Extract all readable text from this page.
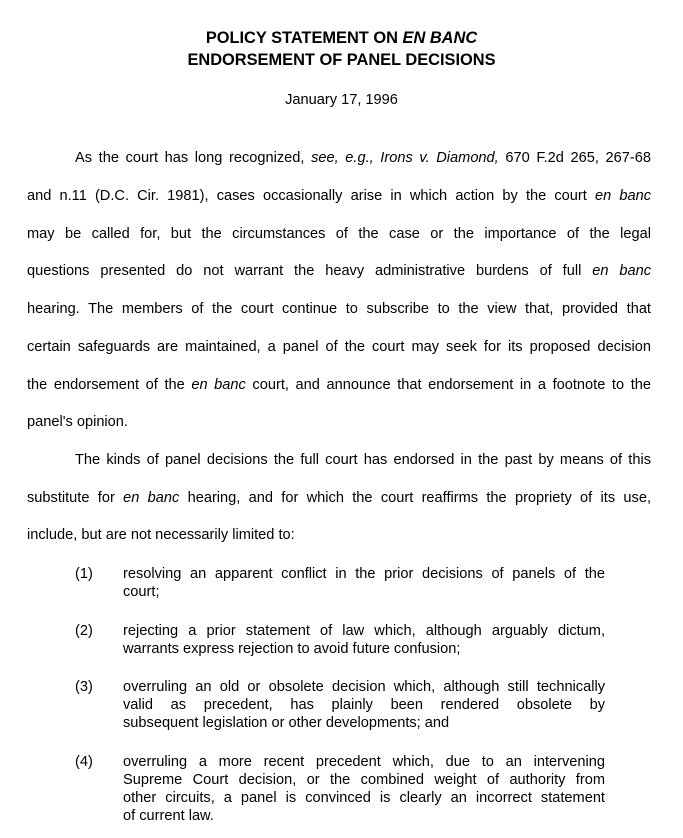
POLICY STATEMENT ON EN BANC
ENDORSEMENT OF PANEL DECISIONS
January 17, 1996
As the court has long recognized, see, e.g., Irons v. Diamond, 670 F.2d 265, 267-68
and n.11 (D.C. Cir. 1981), cases occasionally arise in which action by the court en banc
may be called for, but the circumstances of the case or the importance of the legal
questions presented do not warrant the heavy administrative burdens of full en banc
hearing. The members of the court continue to subscribe to the view that, provided that
certain safeguards are maintained, a panel of the court may seek for its proposed decision
the endorsement of the en banc court, and announce that endorsement in a footnote to the
panel's opinion.
The kinds of panel decisions the full court has endorsed in the past by means of this
substitute for en banc hearing, and for which the court reaffirms the propriety of its use,
include, but are not necessarily limited to:
(1)	resolving an apparent conflict in the prior decisions of panels of the
court;
(2)	rejecting a prior statement of law which, although arguably dictum,
warrants express rejection to avoid future confusion;
(3)	overruling an old or obsolete decision which, although still technically
valid as precedent, has plainly been rendered obsolete by
subsequent legislation or other developments; and
(4)	overruling a more recent precedent which, due to an intervening
Supreme Court decision, or the combined weight of authority from
other circuits, a panel is convinced is clearly an incorrect statement
of current law.
